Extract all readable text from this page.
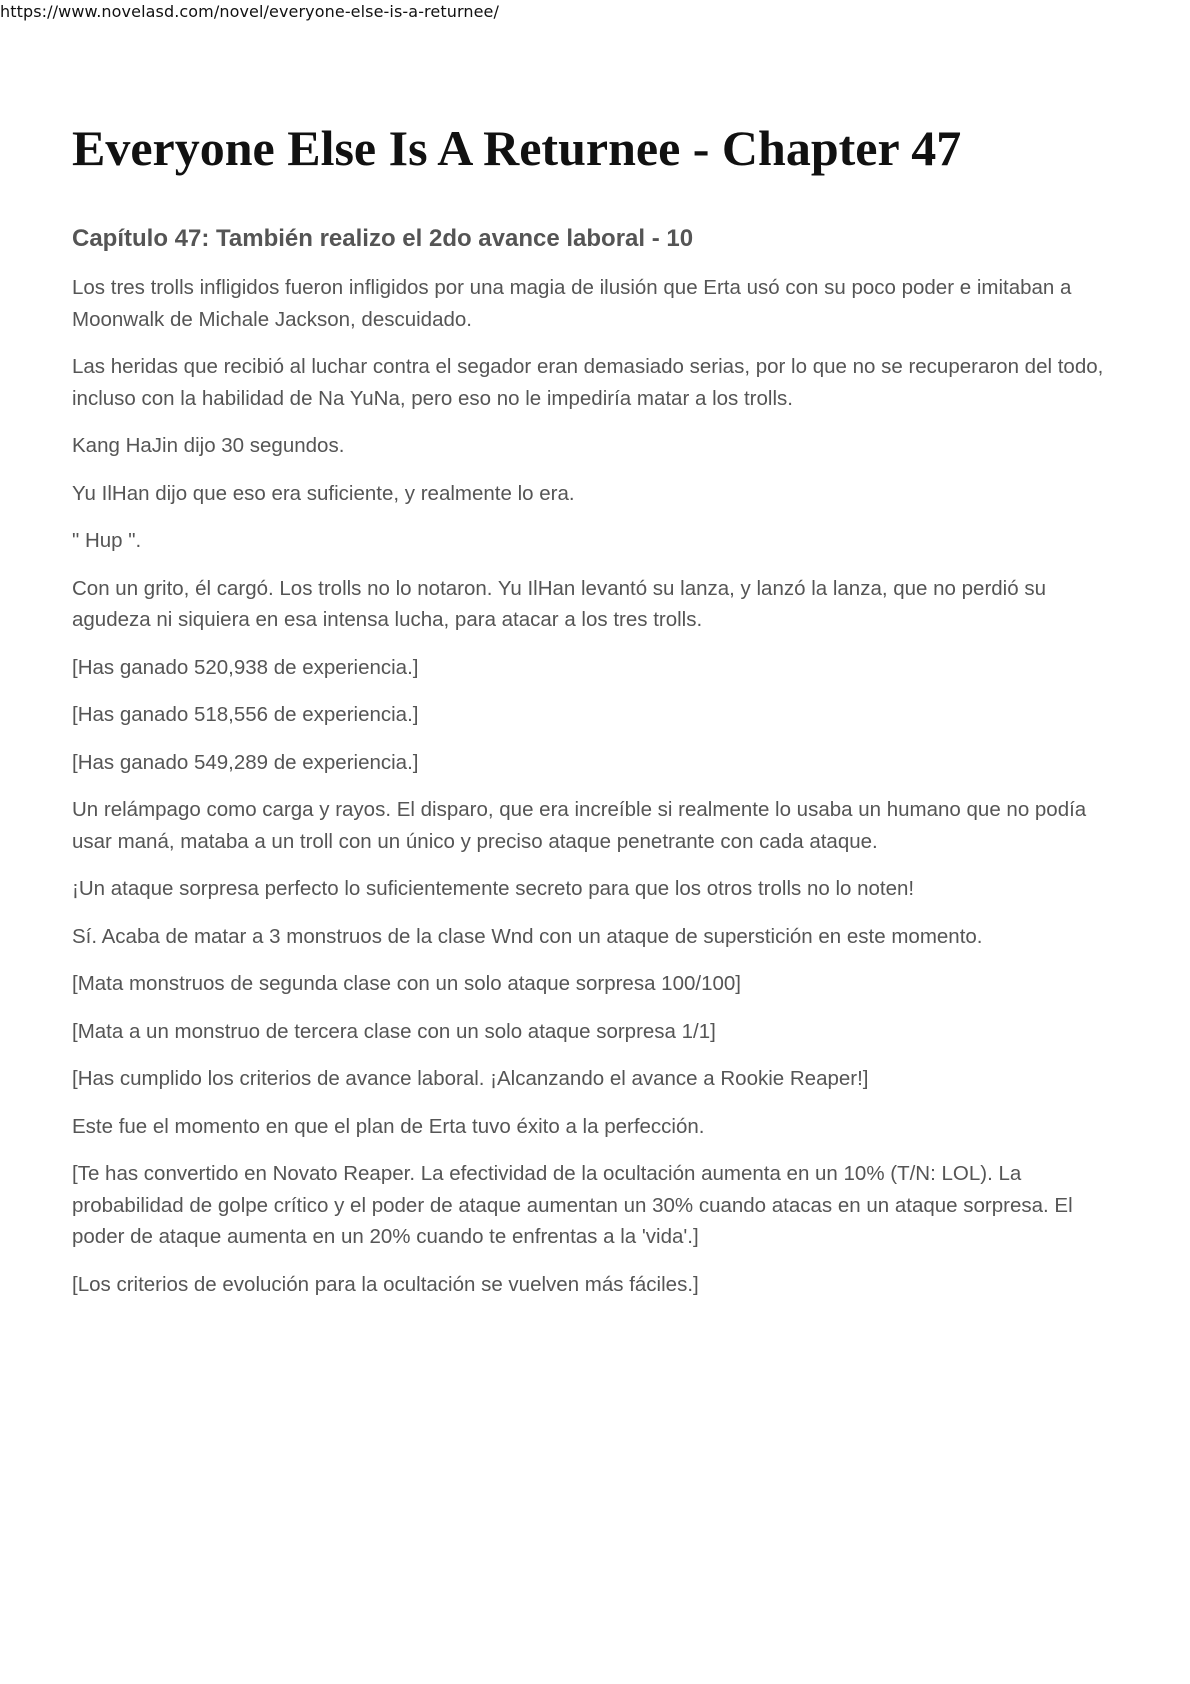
https://www.novelasd.com/novel/everyone-else-is-a-returnee/
Everyone Else Is A Returnee - Chapter 47
Capítulo 47: También realizo el 2do avance laboral - 10

Los tres trolls infligidos fueron infligidos por una magia de ilusión que Erta usó con su poco poder e imitaban a Moonwalk de Michale Jackson, descuidado.

Las heridas que recibió al luchar contra el segador eran demasiado serias, por lo que no se recuperaron del todo, incluso con la habilidad de Na YuNa, pero eso no le impediría matar a los trolls.

Kang HaJin dijo 30 segundos.

Yu IlHan dijo que eso era suficiente, y realmente lo era.

" Hup ".

Con un grito, él cargó. Los trolls no lo notaron. Yu IlHan levantó su lanza, y lanzó la lanza, que no perdió su agudeza ni siquiera en esa intensa lucha, para atacar a los tres trolls.

[Has ganado 520,938 de experiencia.]

[Has ganado 518,556 de experiencia.]

[Has ganado 549,289 de experiencia.]

Un relámpago como carga y rayos. El disparo, que era increíble si realmente lo usaba un humano que no podía usar maná, mataba a un troll con un único y preciso ataque penetrante con cada ataque.

¡Un ataque sorpresa perfecto lo suficientemente secreto para que los otros trolls no lo noten!

Sí. Acaba de matar a 3 monstruos de la clase Wnd con un ataque de superstición en este momento.

[Mata monstruos de segunda clase con un solo ataque sorpresa 100/100]

[Mata a un monstruo de tercera clase con un solo ataque sorpresa 1/1]

[Has cumplido los criterios de avance laboral. ¡Alcanzando el avance a Rookie Reaper!]

Este fue el momento en que el plan de Erta tuvo éxito a la perfección.

[Te has convertido en Novato Reaper. La efectividad de la ocultación aumenta en un 10% (T/N: LOL). La probabilidad de golpe crítico y el poder de ataque aumentan un 30% cuando atacas en un ataque sorpresa. El poder de ataque aumenta en un 20% cuando te enfrentas a la 'vida'.]

[Los criterios de evolución para la ocultación se vuelven más fáciles.]
